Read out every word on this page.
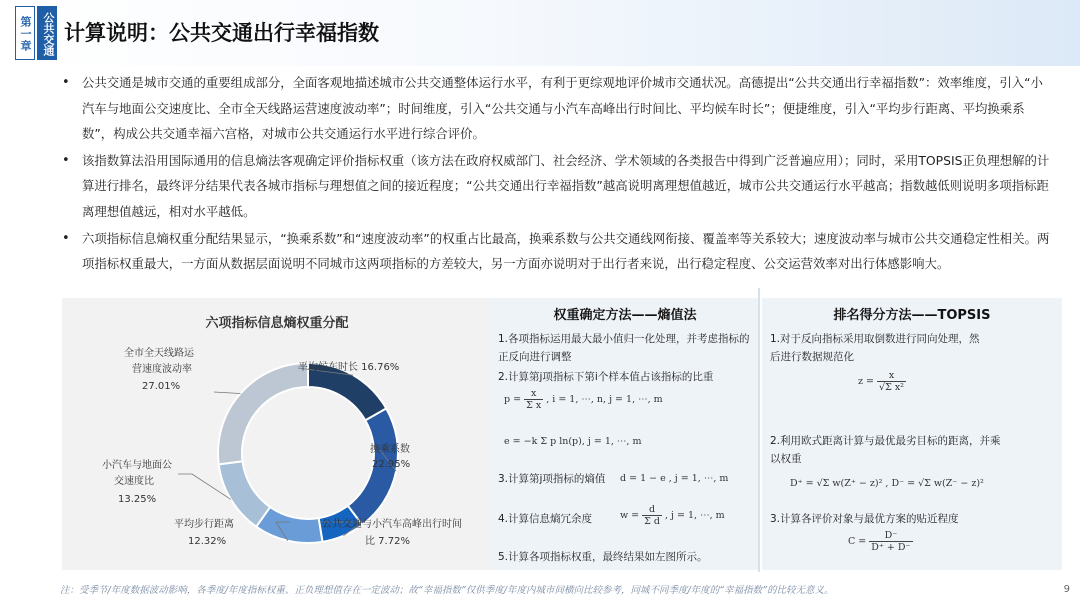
第一章 公共交通 计算说明：公共交通出行幸福指数
• 公共交通是城市交通的重要组成部分，全面客观地描述城市公共交通整体运行水平，有利于更综观地评价城市交通状况。高德提出“公共交通出行幸福指数”：效率维度，引入“小汽车与地面公交速度比、全市全天线路运营速度波动率”；时间维度，引入“公共交通与小汽车高峰出行时间比、平均候车时长”；便捷维度，引入“平均步行距离、平均换乘系数”，构成公共交通幸福六宫格，对城市公共交通运行水平进行综合评价。
• 该指数算法沿用国际通用的信息熵法客观确定评价指标权重（该方法在政府权威部门、社会经济、学术领域的各类报告中得到广泛普遍应用）；同时，采用TOPSIS正负理想解的计算进行排名，最终评分结果代表各城市指标与理想值之间的接近程度；“公共交通出行幸福指数”越高说明离理想值越近，城市公共交通运行水平越高；指数越低则说明多项指标距离理想值越远，相对水平越低。
• 六项指标信息熵权重分配结果显示，“换乘系数”和“速度波动率”的权重占比最高，换乘系数与公共交通线网衔接、覆盖率等关系较大；速度波动率与城市公共交通稳定性相关。两项指标权重最大，一方面从数据层面说明不同城市这两项指标的方差较大，另一方面亦说明对于出行者来说，出行稳定程度、公交运营效率对出行体感影响大。
六项指标信息熵权重分配
平均候车时长 16.76%
换乘系数
22.95%
公共交通与小汽车高峰出行时间
比 7.72%
平均步行距离
12.32%
小汽车与地面公
交速度比
13.25%
全市全天线路运
营速度波动率
27.01%
权重确定方法——熵值法
1.各项指标运用最大最小值归一化处理，并考虑指标的正反向进行调整
2.计算第j项指标下第i个样本值占该指标的比重
$p = \frac{x}{\text{Σ x}}$ , i = 1, ⋯, n, j = 1, ⋯, m
e = −k Σ p ln(p), j = 1, ⋯, m
3.计算第j项指标的熵值	d = 1 − e , j = 1, ⋯, m
4.计算信息熵冗余度	$w = \frac{d}{\text{Σ d}}$ , j = 1, ⋯, m
5.计算各项指标权重，最终结果如左图所示。
排名得分方法——TOPSIS
1.对于反向指标采用取倒数进行同向处理，然后进行数据规范化
$z = \frac{x}{\text{√Σ x²}}$
2.利用欧式距离计算与最优最劣目标的距离，并乘以权重
D⁺ = √Σ w(Z⁺ − z)² , D⁻ = √Σ w(Z⁻ − z)²
3.计算各评价对象与最优方案的贴近程度
$C = \frac{D^-}{D^+ + D^-}$
注：受季节/年度数据波动影响，各季度/年度指标权重、正负理想值存在一定波动；故“幸福指数”仅供季度/年度内城市间横向比较参考，同城不同季度/年度的“幸福指数”的比较无意义。	9
